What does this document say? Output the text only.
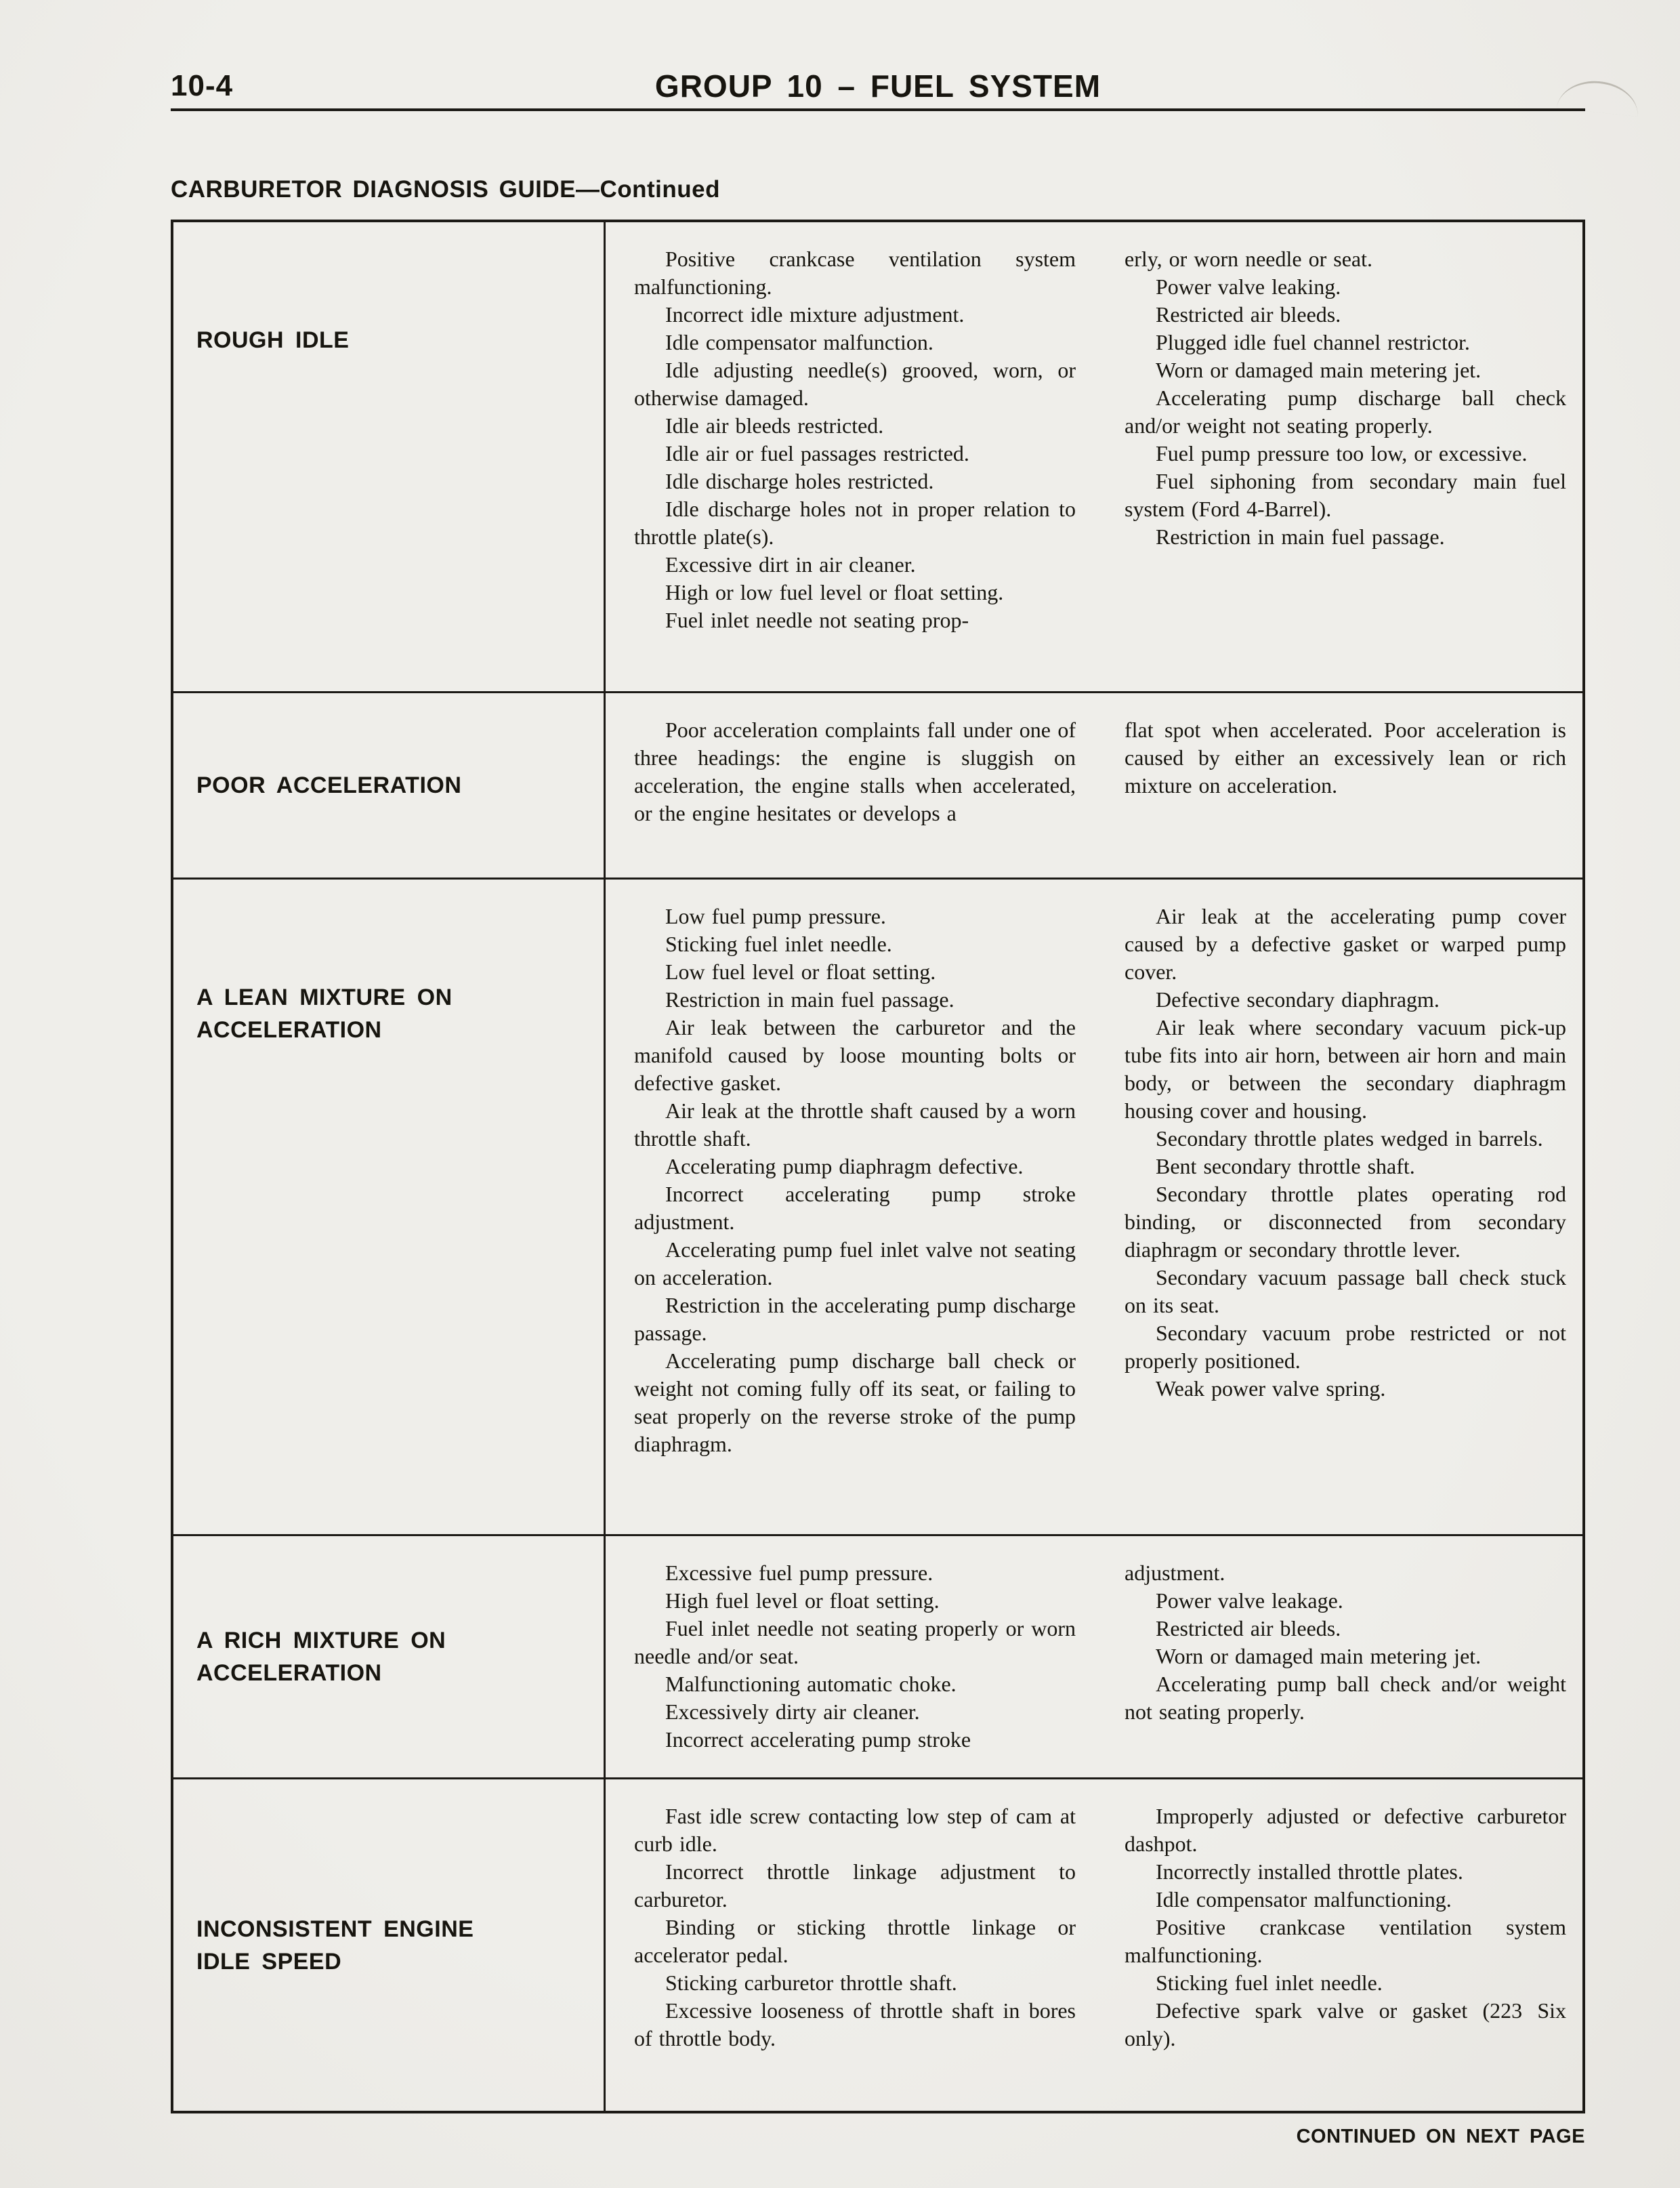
10-4	GROUP 10 – FUEL SYSTEM
CARBURETOR DIAGNOSIS GUIDE—Continued
ROUGH IDLE

Positive crankcase ventilation system malfunctioning.

Incorrect idle mixture adjustment.

Idle compensator malfunction.

Idle adjusting needle(s) grooved, worn, or otherwise damaged.

Idle air bleeds restricted.

Idle air or fuel passages restricted.

Idle discharge holes restricted.

Idle discharge holes not in proper relation to throttle plate(s).

Excessive dirt in air cleaner.

High or low fuel level or float setting.

Fuel inlet needle not seating prop-

erly, or worn needle or seat.

Power valve leaking.

Restricted air bleeds.

Plugged idle fuel channel restrictor.

Worn or damaged main metering jet.

Accelerating pump discharge ball check and/or weight not seating properly.

Fuel pump pressure too low, or excessive.

Fuel siphoning from secondary main fuel system (Ford 4-Barrel).

Restriction in main fuel passage.

POOR ACCELERATION

Poor acceleration complaints fall under one of three headings: the engine is sluggish on acceleration, the engine stalls when accelerated, or the engine hesitates or develops a

flat spot when accelerated. Poor acceleration is caused by either an excessively lean or rich mixture on acceleration.

A LEAN MIXTURE ON ACCELERATION

Low fuel pump pressure.

Sticking fuel inlet needle.

Low fuel level or float setting.

Restriction in main fuel passage.

Air leak between the carburetor and the manifold caused by loose mounting bolts or defective gasket.

Air leak at the throttle shaft caused by a worn throttle shaft.

Accelerating pump diaphragm defective.

Incorrect accelerating pump stroke adjustment.

Accelerating pump fuel inlet valve not seating on acceleration.

Restriction in the accelerating pump discharge passage.

Accelerating pump discharge ball check or weight not coming fully off its seat, or failing to seat properly on the reverse stroke of the pump diaphragm.

Air leak at the accelerating pump cover caused by a defective gasket or warped pump cover.

Defective secondary diaphragm.

Air leak where secondary vacuum pick-up tube fits into air horn, between air horn and main body, or between the secondary diaphragm housing cover and housing.

Secondary throttle plates wedged in barrels.

Bent secondary throttle shaft.

Secondary throttle plates operating rod binding, or disconnected from secondary diaphragm or secondary throttle lever.

Secondary vacuum passage ball check stuck on its seat.

Secondary vacuum probe restricted or not properly positioned.

Weak power valve spring.

A RICH MIXTURE ON ACCELERATION

Excessive fuel pump pressure.

High fuel level or float setting.

Fuel inlet needle not seating properly or worn needle and/or seat.

Malfunctioning automatic choke.

Excessively dirty air cleaner.

Incorrect accelerating pump stroke

adjustment.

Power valve leakage.

Restricted air bleeds.

Worn or damaged main metering jet.

Accelerating pump ball check and/or weight not seating properly.

INCONSISTENT ENGINE IDLE SPEED

Fast idle screw contacting low step of cam at curb idle.

Incorrect throttle linkage adjustment to carburetor.

Binding or sticking throttle linkage or accelerator pedal.

Sticking carburetor throttle shaft.

Excessive looseness of throttle shaft in bores of throttle body.

Improperly adjusted or defective carburetor dashpot.

Incorrectly installed throttle plates.

Idle compensator malfunctioning.

Positive crankcase ventilation system malfunctioning.

Sticking fuel inlet needle.

Defective spark valve or gasket (223 Six only).

CONTINUED ON NEXT PAGE
